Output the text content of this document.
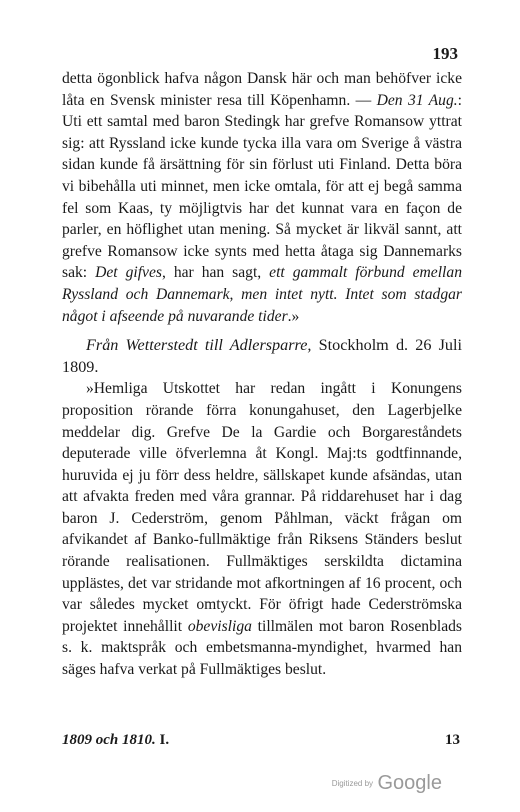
193

detta ögonblick hafva någon Dansk här och man behöfver icke låta en Svensk minister resa till Köpenhamn. — Den 31 Aug.: Uti ett samtal med baron Stedingk har grefve Romansow yttrat sig: att Ryssland icke kunde tycka illa vara om Sverige å västra sidan kunde få ärsättning för sin förlust uti Finland. Detta böra vi bibehålla uti minnet, men icke omtala, för att ej begå samma fel som Kaas, ty möjligtvis har det kunnat vara en façon de parler, en höflighet utan mening. Så mycket är likväl sannt, att grefve Romansow icke synts med hetta åtaga sig Dannemarks sak: Det gifves, har han sagt, ett gammalt förbund emellan Ryssland och Dannemark, men intet nytt. Intet som stadgar något i afseende på nuvarande tider.»

Från Wetterstedt till Adlersparre, Stockholm d. 26 Juli 1809.

»Hemliga Utskottet har redan ingått i Konungens proposition rörande förra konungahuset, den Lagerbjelke meddelar dig. Grefve De la Gardie och Borgareståndets deputerade ville öfverlemna åt Kongl. Maj:ts godtfinnande, huruvida ej ju förr dess heldre, sällskapet kunde afsändas, utan att afvakta freden med våra grannar. På riddarehuset har i dag baron J. Cederström, genom Påhlman, väckt frågan om afvikandet af Banko-fullmäktige från Riksens Ständers beslut rörande realisationen. Fullmäktiges serskildta dictamina upplästes, det var stridande mot afkortningen af 16 procent, och var således mycket omtyckt. För öfrigt hade Cederströmska projektet innehållit obevisliga tillmälen mot baron Rosenblads s. k. maktspråk och embetsmanna-myndighet, hvarmed han säges hafva verkat på Fullmäktiges beslut.

1809 och 1810. I.	13
Digitized by Google
